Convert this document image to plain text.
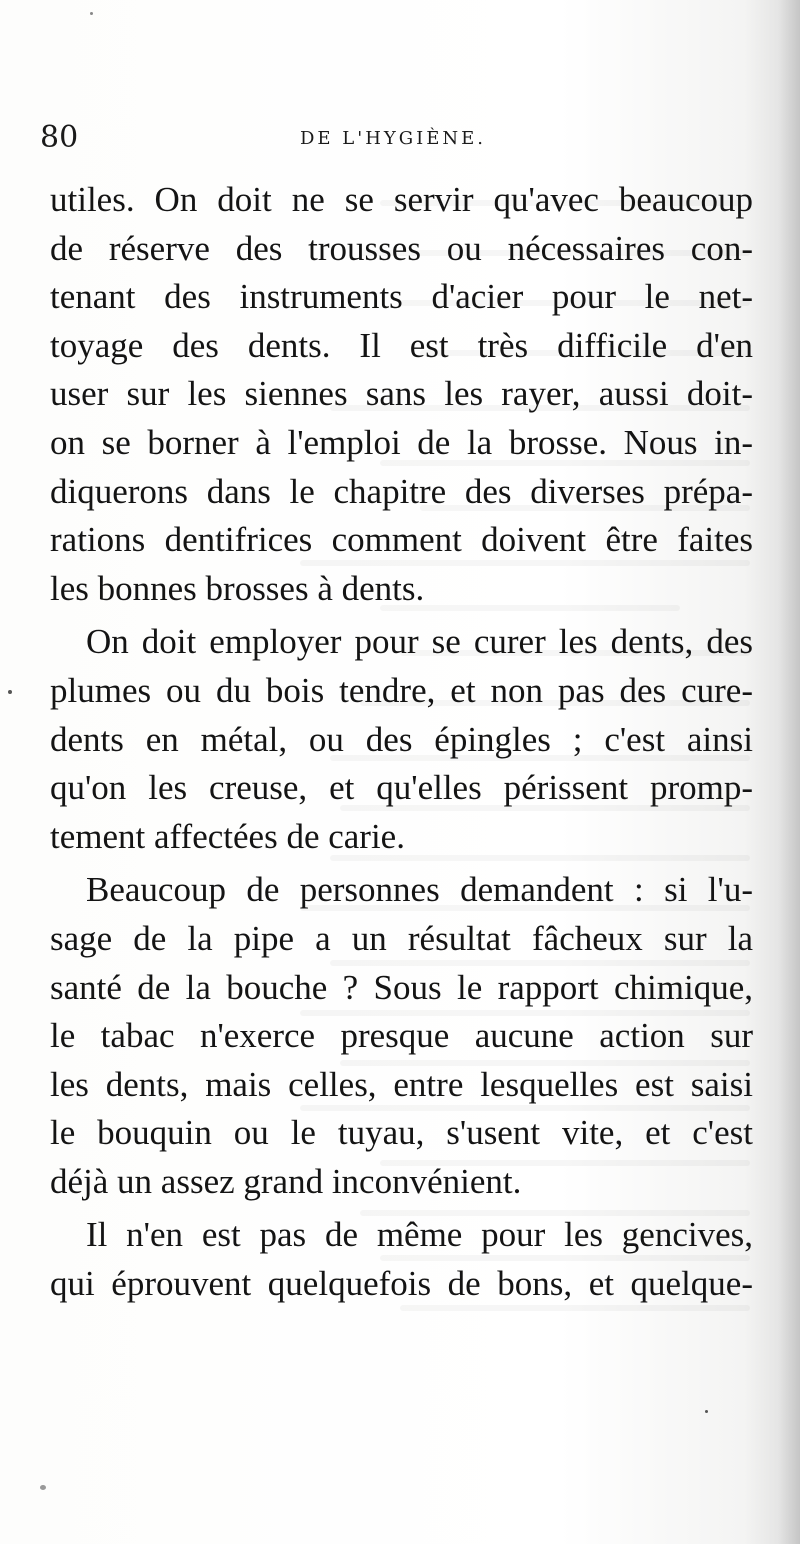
80	DE L'HYGIÈNE.
utiles. On doit ne se servir qu'avec beaucoup
de réserve des trousses ou nécessaires con-
tenant des instruments d'acier pour le net-
toyage des dents. Il est très difficile d'en
user sur les siennes sans les rayer, aussi doit-
on se borner à l'emploi de la brosse. Nous in-
diquerons dans le chapitre des diverses prépa-
rations dentifrices comment doivent être faites
les bonnes brosses à dents.
On doit employer pour se curer les dents, des
plumes ou du bois tendre, et non pas des cure-
dents en métal, ou des épingles ; c'est ainsi
qu'on les creuse, et qu'elles périssent promp-
tement affectées de carie.
Beaucoup de personnes demandent : si l'u-
sage de la pipe a un résultat fâcheux sur la
santé de la bouche ? Sous le rapport chimique,
le tabac n'exerce presque aucune action sur
les dents, mais celles, entre lesquelles est saisi
le bouquin ou le tuyau, s'usent vite, et c'est
déjà un assez grand inconvénient.
Il n'en est pas de même pour les gencives,
qui éprouvent quelquefois de bons, et quelque-
